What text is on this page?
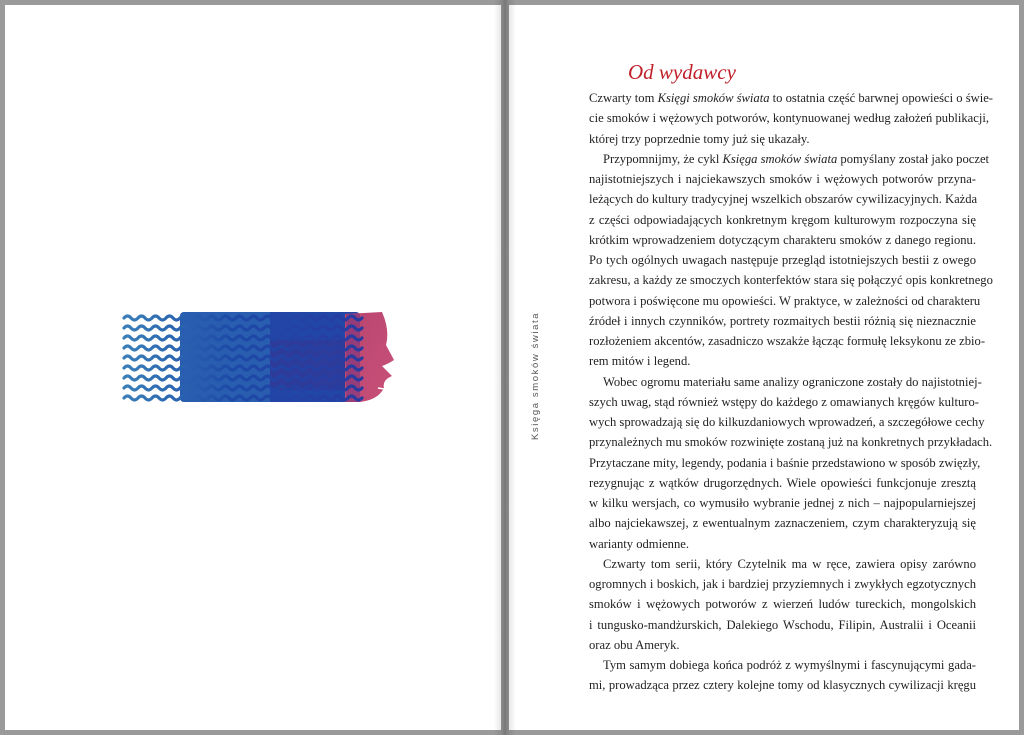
Księga smoków świata
Od wydawcy
Czwarty tom Księgi smoków świata to ostatnia część barwnej opowieści o świe-
cie smoków i wężowych potworów, kontynuowanej według założeń publikacji,
której trzy poprzednie tomy już się ukazały.
Przypomnijmy, że cykl Księga smoków świata pomyślany został jako poczet
najistotniejszych i najciekawszych smoków i wężowych potworów przyna-
leżących do kultury tradycyjnej wszelkich obszarów cywilizacyjnych. Każda
z części odpowiadających konkretnym kręgom kulturowym rozpoczyna się
krótkim wprowadzeniem dotyczącym charakteru smoków z danego regionu.
Po tych ogólnych uwagach następuje przegląd istotniejszych bestii z owego
zakresu, a każdy ze smoczych konterfektów stara się połączyć opis konkretnego
potwora i poświęcone mu opowieści. W praktyce, w zależności od charakteru
źródeł i innych czynników, portrety rozmaitych bestii różnią się nieznacznie
rozłożeniem akcentów, zasadniczo wszakże łącząc formułę leksykonu ze zbio-
rem mitów i legend.
Wobec ogromu materiału same analizy ograniczone zostały do najistotniej-
szych uwag, stąd również wstępy do każdego z omawianych kręgów kulturo-
wych sprowadzają się do kilkuzdaniowych wprowadzeń, a szczegółowe cechy
przynależnych mu smoków rozwinięte zostaną już na konkretnych przykładach.
Przytaczane mity, legendy, podania i baśnie przedstawiono w sposób zwięzły,
rezygnując z wątków drugorzędnych. Wiele opowieści funkcjonuje zresztą
w kilku wersjach, co wymusiło wybranie jednej z nich – najpopularniejszej
albo najciekawszej, z ewentualnym zaznaczeniem, czym charakteryzują się
warianty odmienne.
Czwarty tom serii, który Czytelnik ma w ręce, zawiera opisy zarówno
ogromnych i boskich, jak i bardziej przyziemnych i zwykłych egzotycznych
smoków i wężowych potworów z wierzeń ludów tureckich, mongolskich
i tungusko-mandżurskich, Dalekiego Wschodu, Filipin, Australii i Oceanii
oraz obu Ameryk.
Tym samym dobiega końca podróż z wymyślnymi i fascynującymi gada-
mi, prowadząca przez cztery kolejne tomy od klasycznych cywilizacji kręgu
